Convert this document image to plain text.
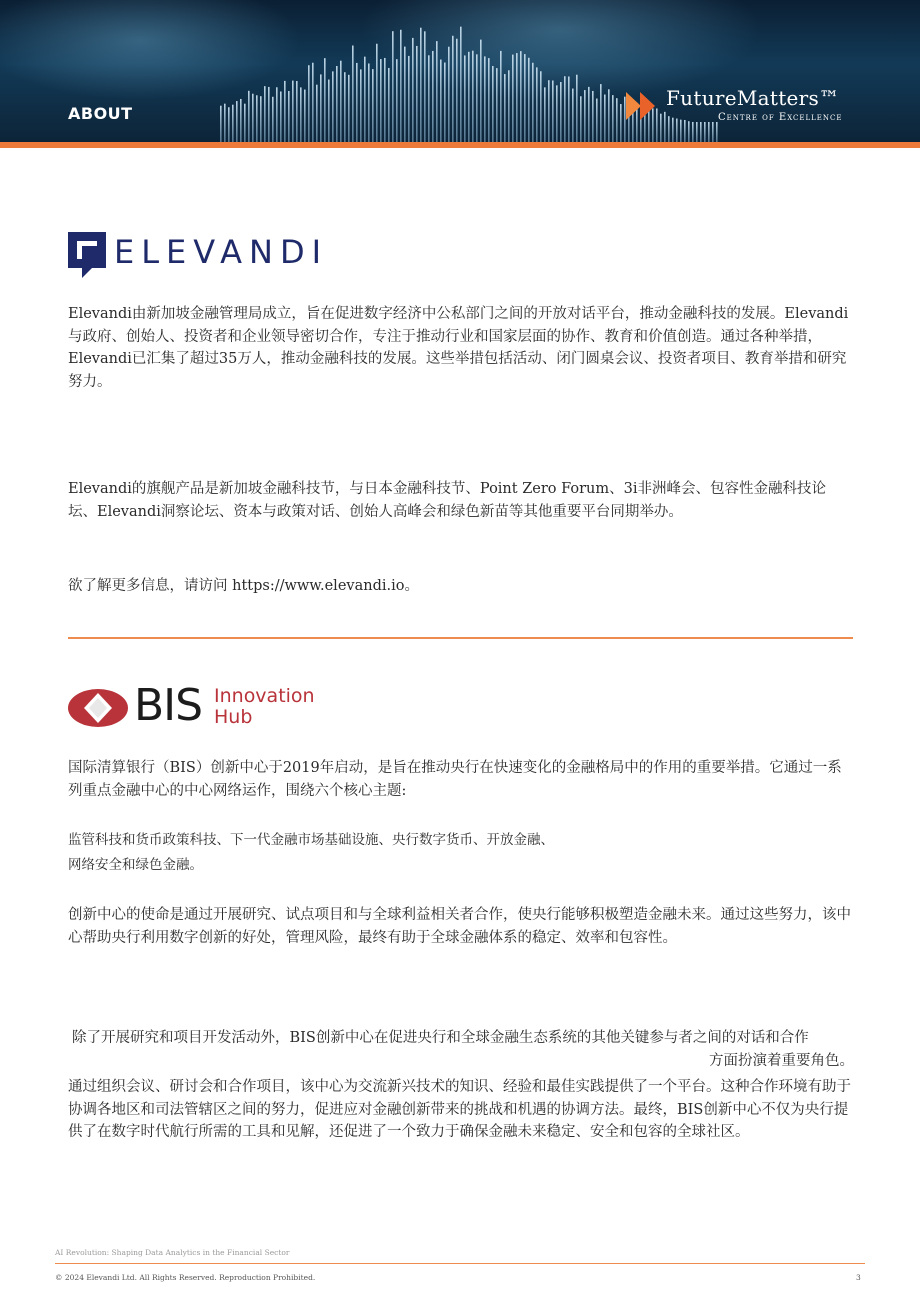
ABOUT
FutureMatters™
Centre of Excellence
ELEVANDI

Elevandi由新加坡金融管理局成立，旨在促进数字经济中公私部门之间的开放对话平台，推动金融科技的发展。Elevandi与政府、创始人、投资者和企业领导密切合作，专注于推动行业和国家层面的协作、教育和价值创造。通过各种举措，Elevandi已汇集了超过35万人，推动金融科技的发展。这些举措包括活动、闭门圆桌会议、投资者项目、教育举措和研究努力。

Elevandi的旗舰产品是新加坡金融科技节，与日本金融科技节、Point Zero Forum、3i非洲峰会、包容性金融科技论坛、Elevandi洞察论坛、资本与政策对话、创始人高峰会和绿色新苗等其他重要平台同期举办。

欲了解更多信息，请访问 https://www.elevandi.io。

BIS Innovation
Hub

国际清算银行（BIS）创新中心于2019年启动，是旨在推动央行在快速变化的金融格局中的作用的重要举措。它通过一系列重点金融中心的中心网络运作，围绕六个核心主题:

监管科技和货币政策科技、下一代金融市场基础设施、央行数字货币、开放金融、
网络安全和绿色金融。

创新中心的使命是通过开展研究、试点项目和与全球利益相关者合作，使央行能够积极塑造金融未来。通过这些努力，该中心帮助央行利用数字创新的好处，管理风险，最终有助于全球金融体系的稳定、效率和包容性。

除了开展研究和项目开发活动外，BIS创新中心在促进央行和全球金融生态系统的其他关键参与者之间的对话和合作
方面扮演着重要角色。

通过组织会议、研讨会和合作项目，该中心为交流新兴技术的知识、经验和最佳实践提供了一个平台。这种合作环境有助于协调各地区和司法管辖区之间的努力，促进应对金融创新带来的挑战和机遇的协调方法。最终，BIS创新中心不仅为央行提供了在数字时代航行所需的工具和见解，还促进了一个致力于确保金融未来稳定、安全和包容的全球社区。

AI Revolution: Shaping Data Analytics in the Financial Sector
© 2024 Elevandi Ltd. All Rights Reserved. Reproduction Prohibited.	3
